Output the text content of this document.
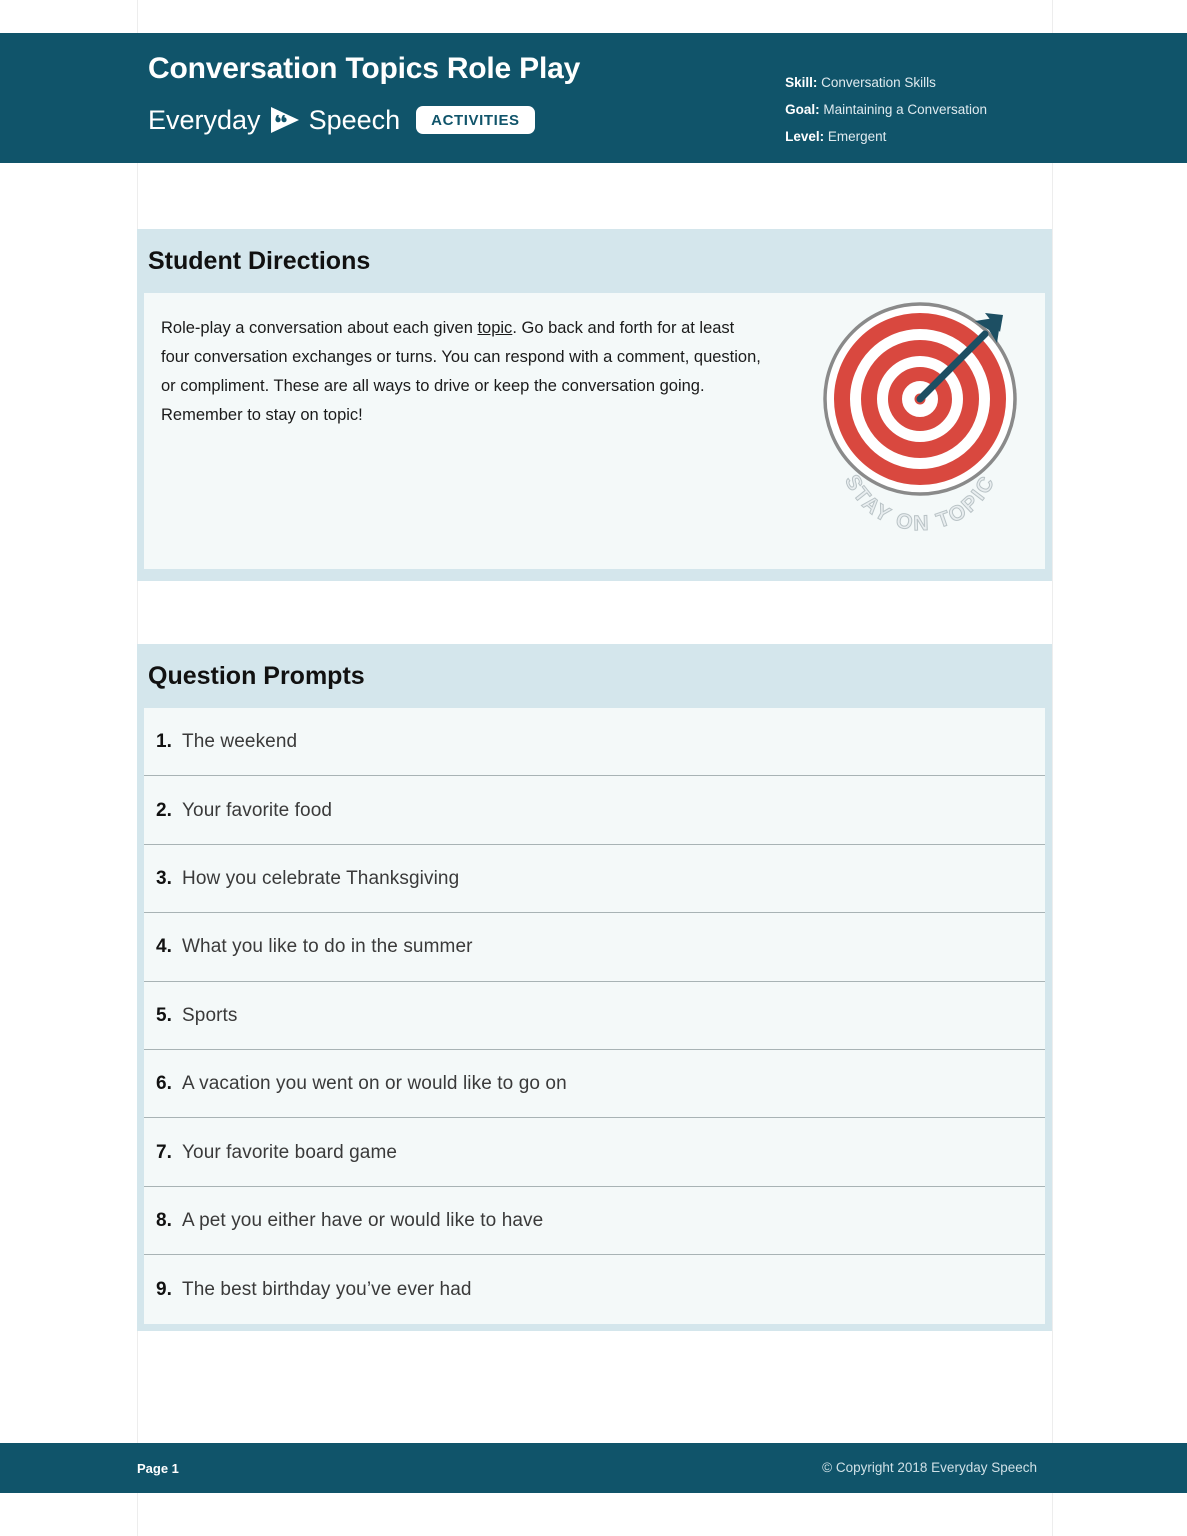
Conversation Topics Role Play
Everyday Speech	ACTIVITIES
Skill: Conversation Skills
Goal: Maintaining a Conversation
Level: Emergent
Student Directions

Role-play a conversation about each given topic. Go back and forth for at least four conversation exchanges or turns. You can respond with a comment, question, or compliment. These are all ways to drive or keep the conversation going. Remember to stay on topic!

STAY ON TOPIC
Question Prompts
1. The weekend
2. Your favorite food
3. How you celebrate Thanksgiving
4. What you like to do in the summer
5. Sports
6. A vacation you went on or would like to go on
7. Your favorite board game
8. A pet you either have or would like to have
9. The best birthday you’ve ever had
Page 1	© Copyright 2018 Everyday Speech
